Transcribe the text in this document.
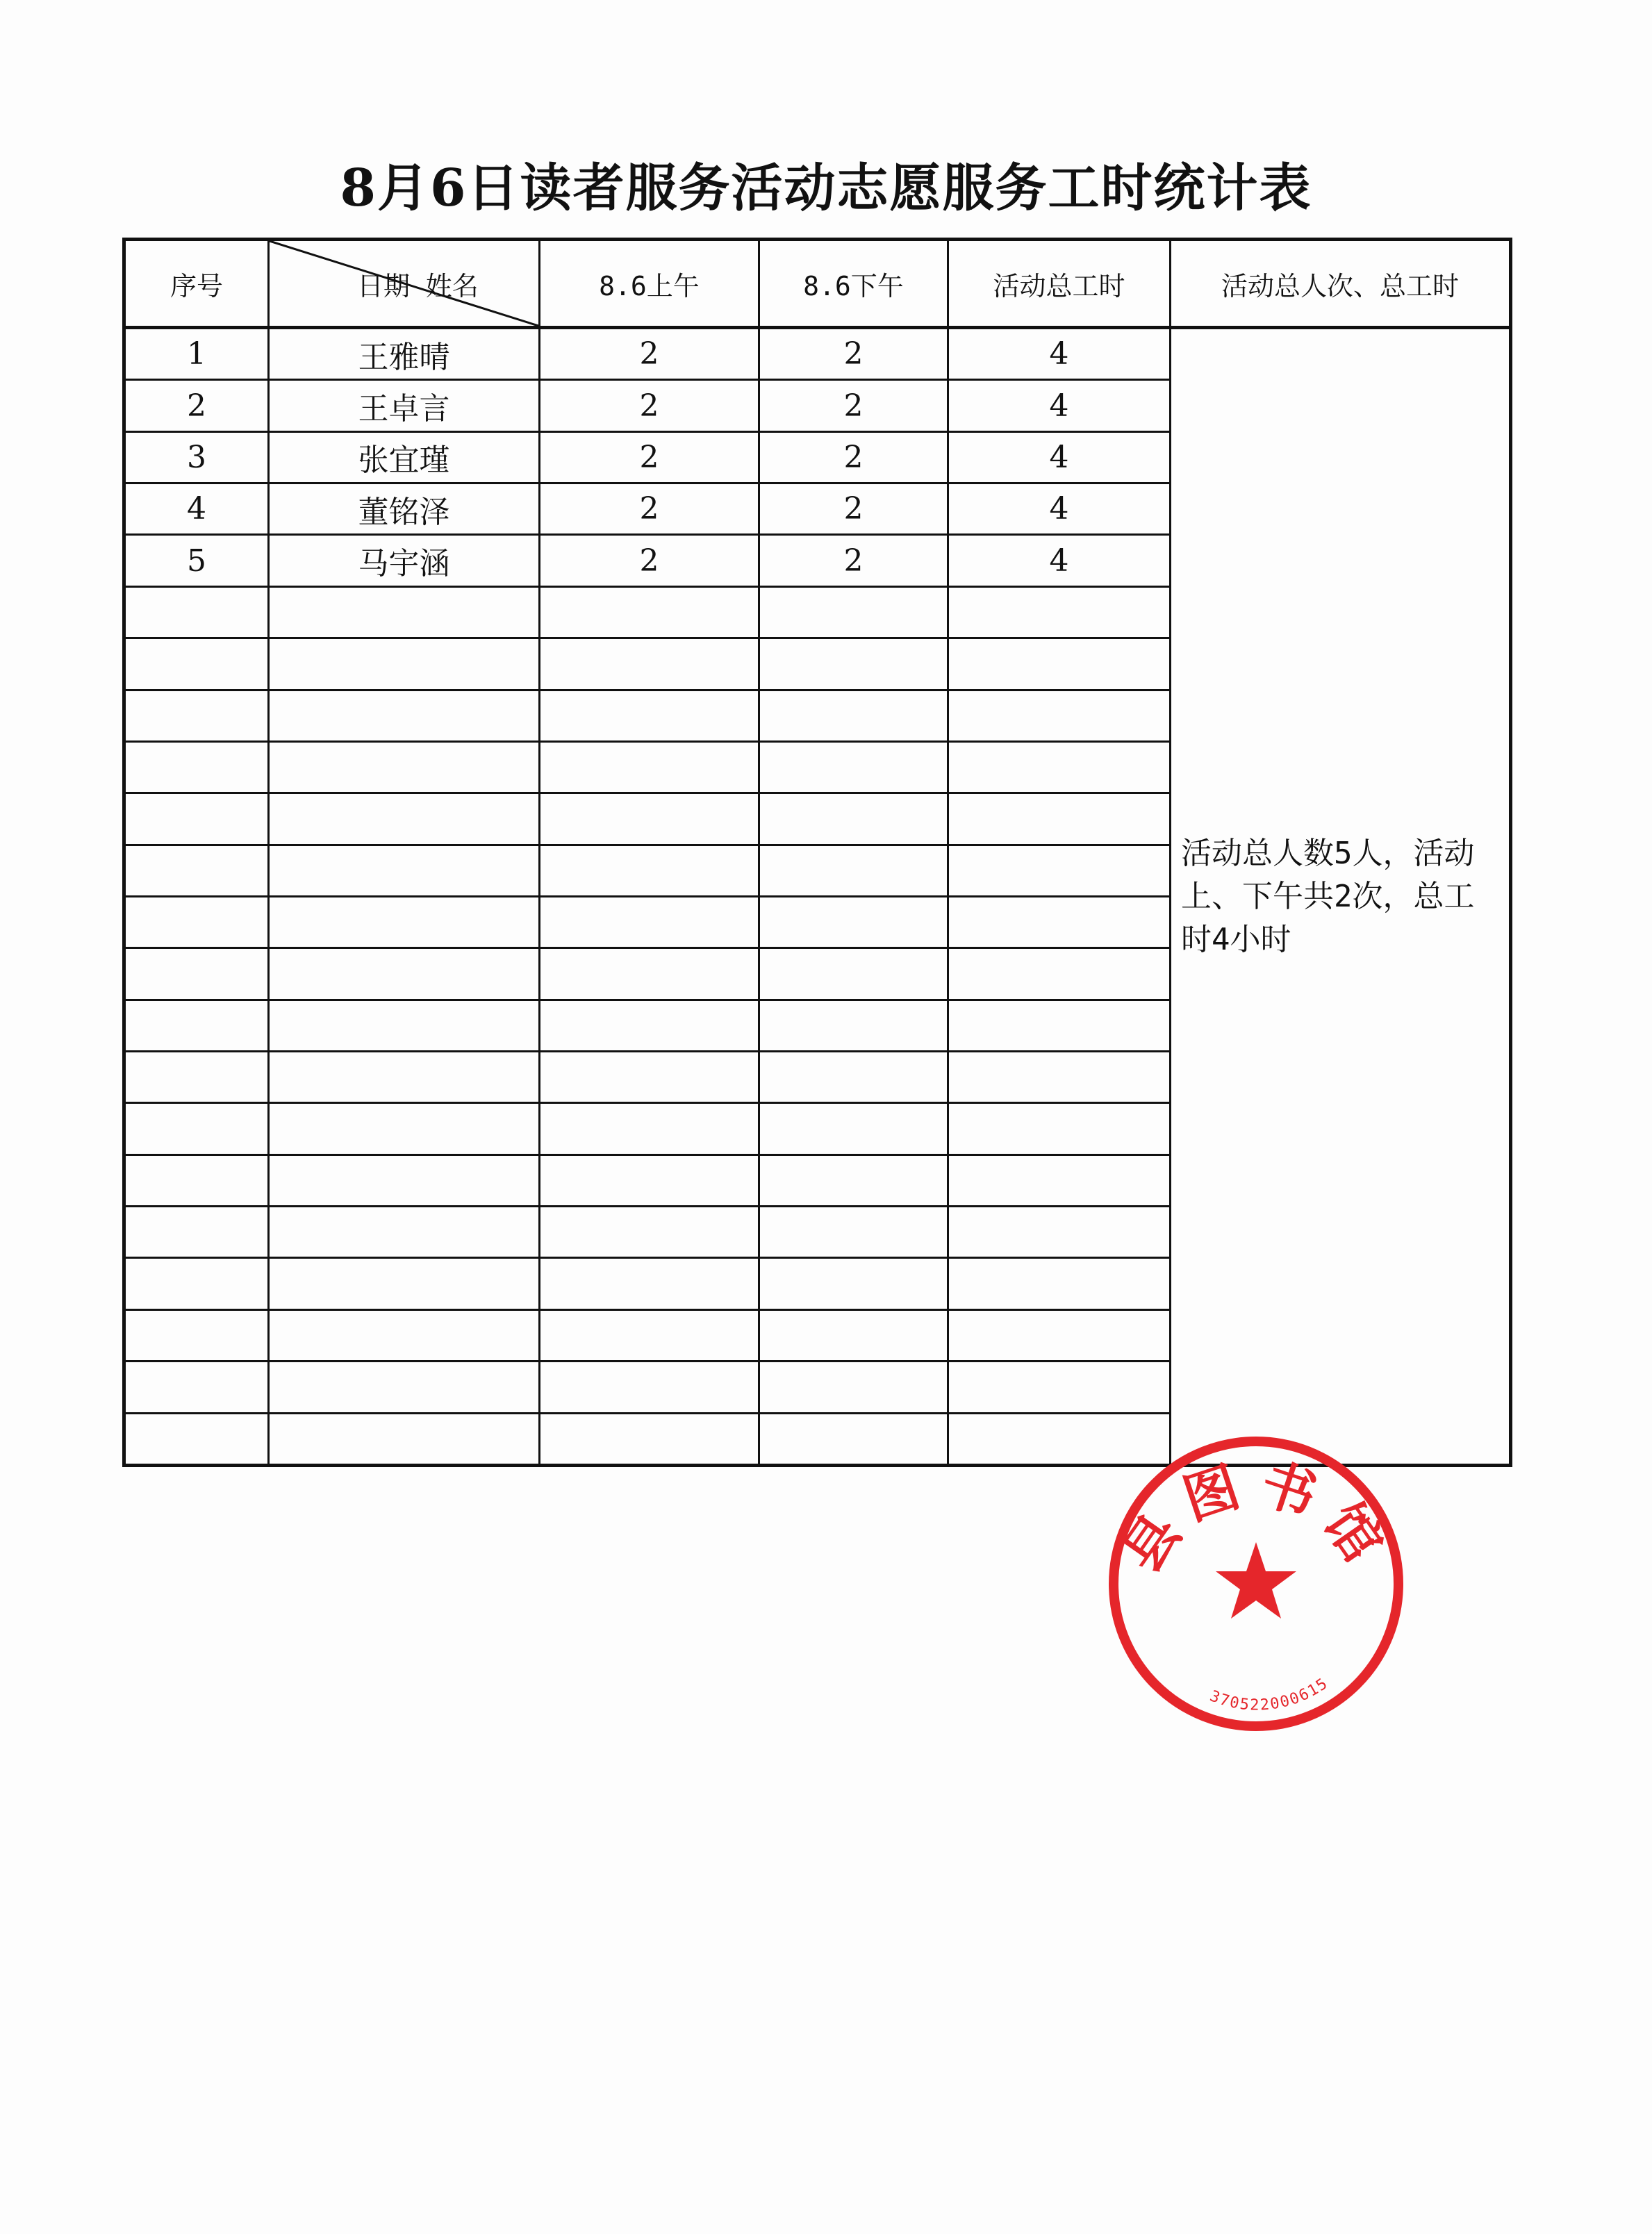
8月6日读者服务活动志愿服务工时统计表
序号	日期 姓名	8.6上午	8.6下午	活动总工时	活动总人次、总工时
1	王雅晴	2	2	4	活动总人数5人，活动上、下午共2次，总工时4小时
2	王卓言	2	2	4	
3	张宜瑾	2	2	4	
4	董铭泽	2	2	4	
5	马宇涵	2	2	4	

县图书馆
370522000615
